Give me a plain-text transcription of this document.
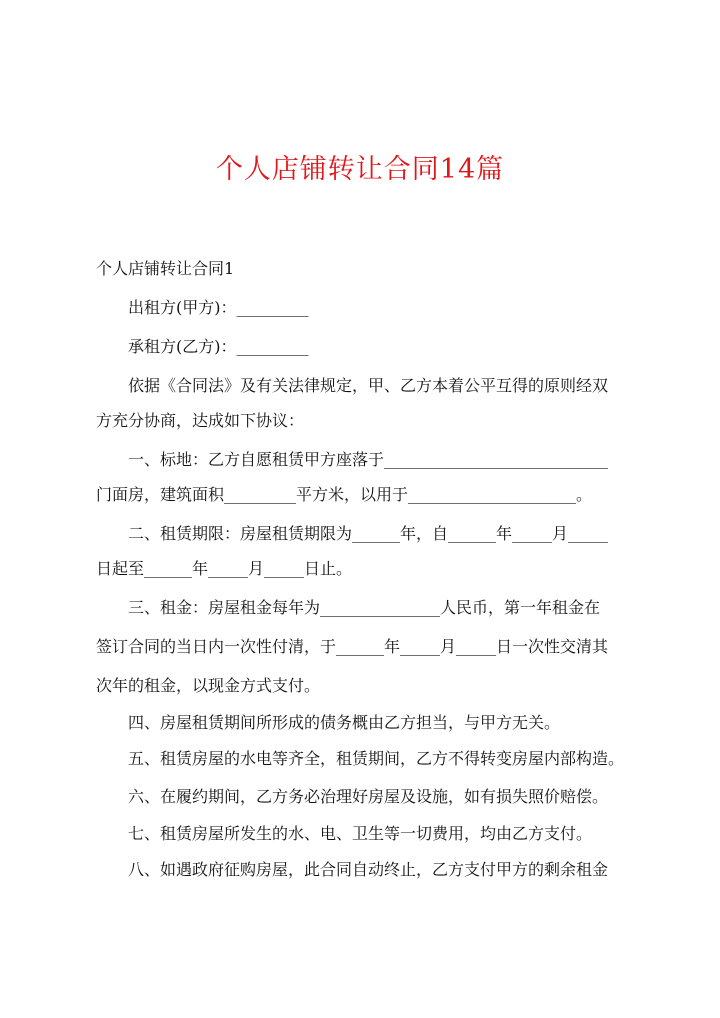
个人店铺转让合同14篇
个人店铺转让合同1
出租方(甲方)：_________
承租方(乙方)：_________
依据《合同法》及有关法律规定，甲、乙方本着公平互得的原则经双
方充分协商，达成如下协议：
一、标地：乙方自愿租赁甲方座落于____________________________
门面房，建筑面积_________平方米，以用于_____________________。
二、租赁期限：房屋租赁期限为______年，自______年_____月_____
日起至______年_____月_____日止。
三、租金：房屋租金每年为_______________人民币，第一年租金在
签订合同的当日内一次性付清，于______年_____月_____日一次性交清其
次年的租金，以现金方式支付。
四、房屋租赁期间所形成的债务概由乙方担当，与甲方无关。
五、租赁房屋的水电等齐全，租赁期间，乙方不得转变房屋内部构造。
六、在履约期间，乙方务必治理好房屋及设施，如有损失照价赔偿。
七、租赁房屋所发生的水、电、卫生等一切费用，均由乙方支付。
八、如遇政府征购房屋，此合同自动终止，乙方支付甲方的剩余租金
